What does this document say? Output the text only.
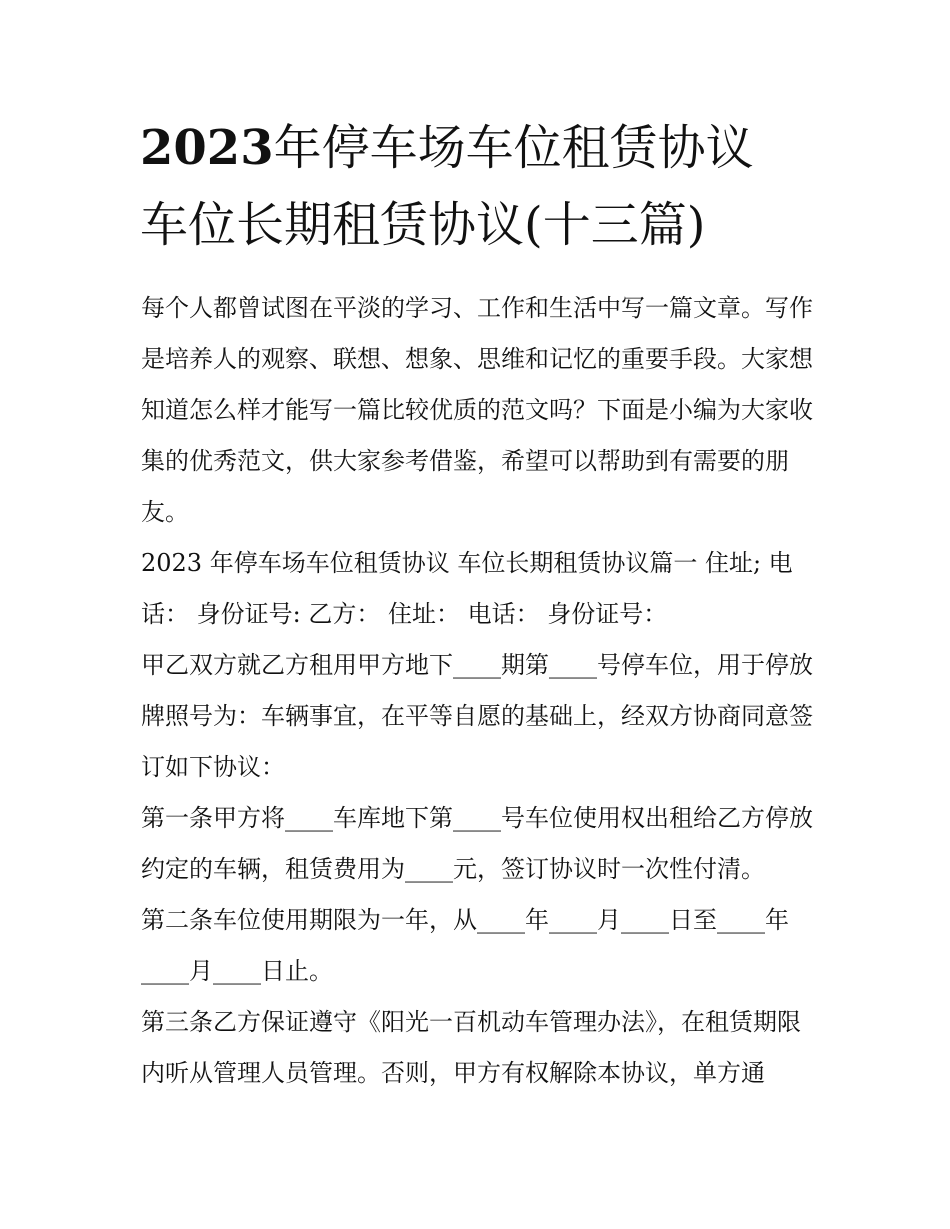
2023年停车场车位租赁协议
车位长期租赁协议(十三篇)

每个人都曾试图在平淡的学习、工作和生活中写一篇文章。写作是培养人的观察、联想、想象、思维和记忆的重要手段。大家想知道怎么样才能写一篇比较优质的范文吗？下面是小编为大家收集的优秀范文，供大家参考借鉴，希望可以帮助到有需要的朋友。

2023 年停车场车位租赁协议 车位长期租赁协议篇一 住址; 电话： 身份证号: 乙方： 住址： 电话： 身份证号：

甲乙双方就乙方租用甲方地下____期第____号停车位，用于停放牌照号为：车辆事宜，在平等自愿的基础上，经双方协商同意签订如下协议：

第一条甲方将____车库地下第____号车位使用权出租给乙方停放约定的车辆，租赁费用为____元，签订协议时一次性付清。

第二条车位使用期限为一年，从____年____月____日至____年____月____日止。

第三条乙方保证遵守《阳光一百机动车管理办法》，在租赁期限内听从管理人员管理。否则，甲方有权解除本协议，单方通
